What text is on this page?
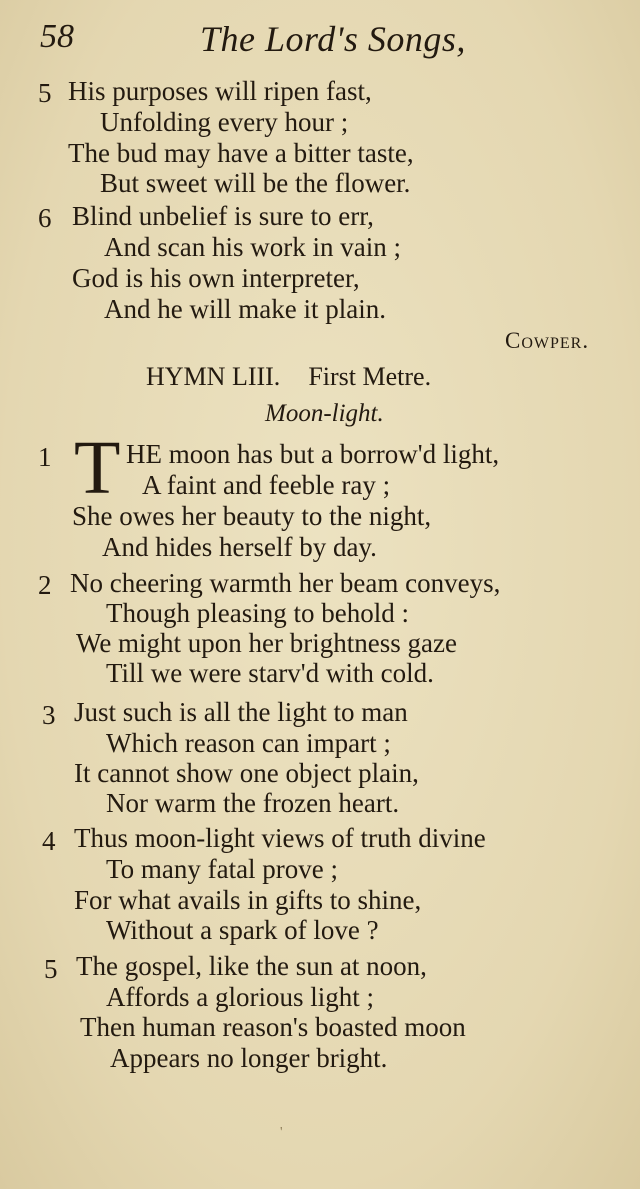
58	The Lord's Songs,
5 His purposes will ripen fast,
Unfolding every hour ;
The bud may have a bitter taste,
But sweet will be the flower.
6 Blind unbelief is sure to err,
And scan his work in vain ;
God is his own interpreter,
And he will make it plain.
Cowper.
HYMN LIII. First Metre.
Moon-light.
1 T HE moon has but a borrow'd light,
A faint and feeble ray ;
She owes her beauty to the night,
And hides herself by day.
2 No cheering warmth her beam conveys,
Though pleasing to behold :
We might upon her brightness gaze
Till we were starv'd with cold.
3 Just such is all the light to man
Which reason can impart ;
It cannot show one object plain,
Nor warm the frozen heart.
4 Thus moon-light views of truth divine
To many fatal prove ;
For what avails in gifts to shine,
Without a spark of love ?
5 The gospel, like the sun at noon,
Affords a glorious light ;
Then human reason's boasted moon
Appears no longer bright.
'
